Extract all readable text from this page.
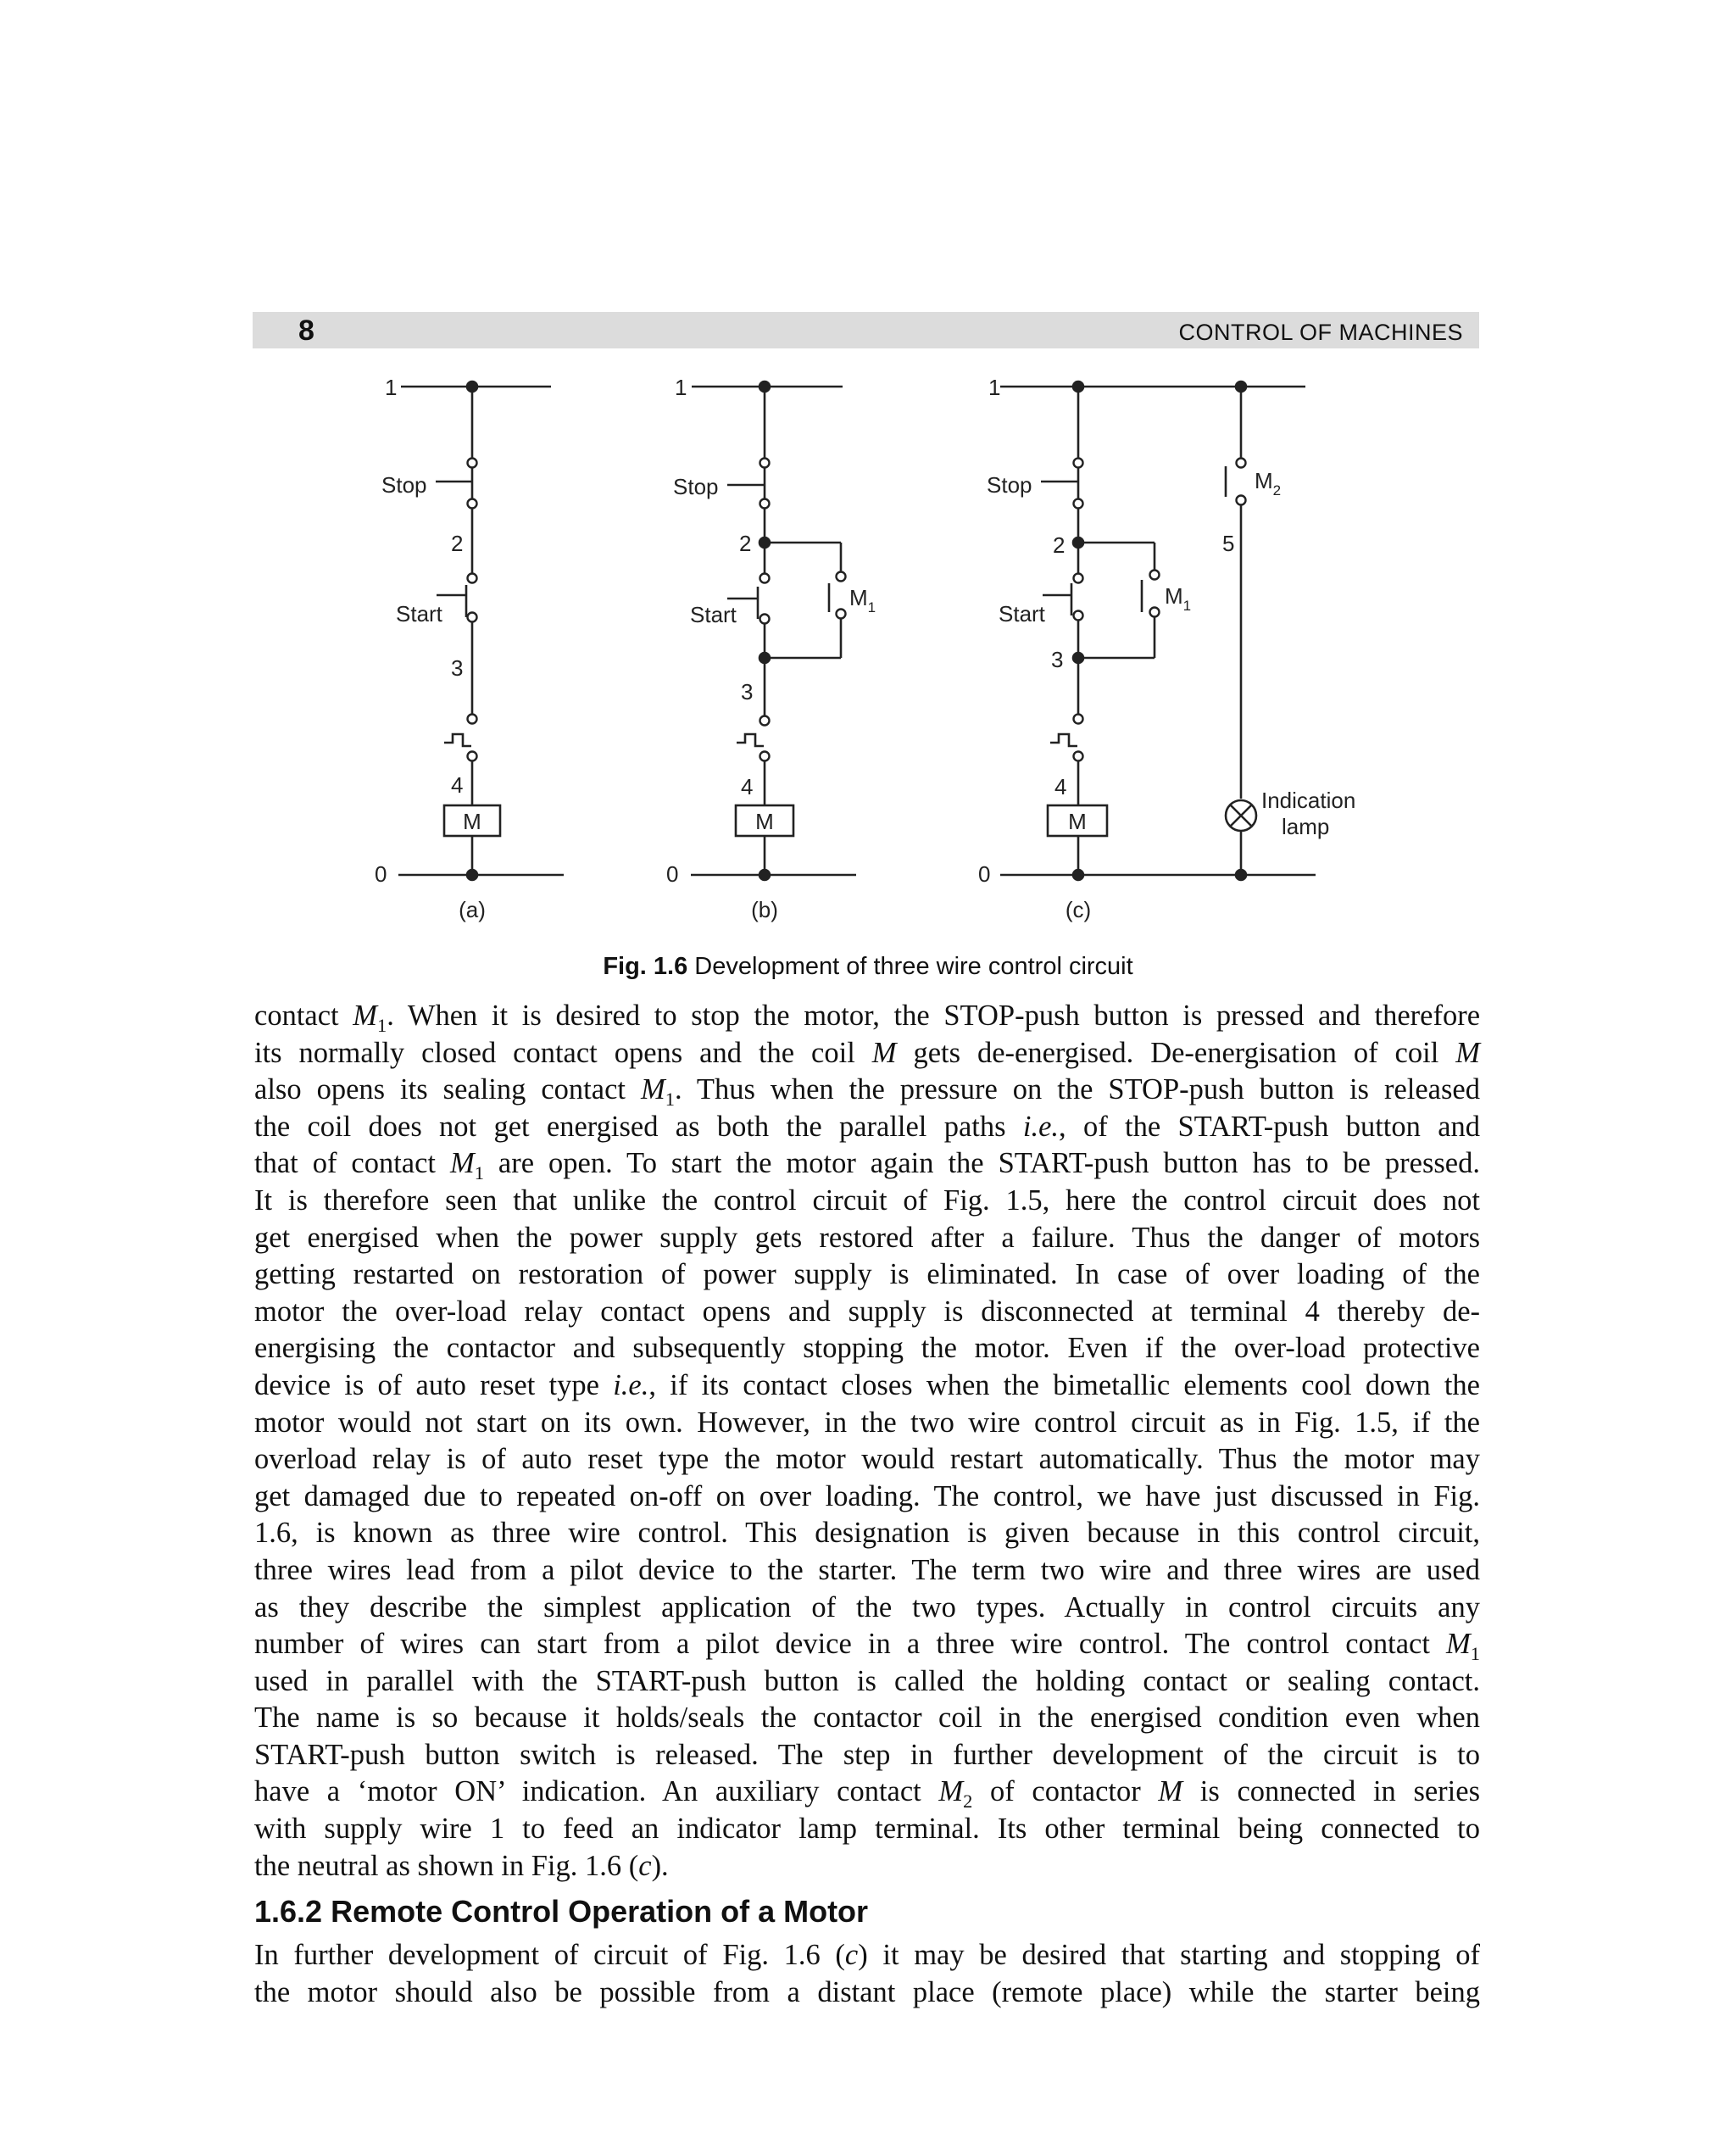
8	CONTROL OF MACHINES
1
Stop
2
Start
3
4
M
0
(a)
1
Stop
2
$M_1$
Start
3
4
M
0
(b)
1
Stop	$M_2$
2	5
$M_1$
Start
3
4
M
Indication
lamp
0
(c)
Fig. 1.6 Development of three wire control circuit
contact $M_1$. When it is desired to stop the motor, the STOP-push button is pressed and therefore
its normally closed contact opens and the coil M gets de-energised. De-energisation of coil M
also opens its sealing contact $M_1$. Thus when the pressure on the STOP-push button is released
the coil does not get energised as both the parallel paths i.e., of the START-push button and
that of contact $M_1$ are open. To start the motor again the START-push button has to be pressed.
It is therefore seen that unlike the control circuit of Fig. 1.5, here the control circuit does not
get energised when the power supply gets restored after a failure. Thus the danger of motors
getting restarted on restoration of power supply is eliminated. In case of over loading of the
motor the over-load relay contact opens and supply is disconnected at terminal 4 thereby de-
energising the contactor and subsequently stopping the motor. Even if the over-load protective
device is of auto reset type i.e., if its contact closes when the bimetallic elements cool down the
motor would not start on its own. However, in the two wire control circuit as in Fig. 1.5, if the
overload relay is of auto reset type the motor would restart automatically. Thus the motor may
get damaged due to repeated on-off on over loading. The control, we have just discussed in Fig.
1.6, is known as three wire control. This designation is given because in this control circuit,
three wires lead from a pilot device to the starter. The term two wire and three wires are used
as they describe the simplest application of the two types. Actually in control circuits any
number of wires can start from a pilot device in a three wire control. The control contact $M_1$
used in parallel with the START-push button is called the holding contact or sealing contact.
The name is so because it holds/seals the contactor coil in the energised condition even when
START-push button switch is released. The step in further development of the circuit is to
have a ‘motor ON’ indication. An auxiliary contact $M_2$ of contactor M is connected in series
with supply wire 1 to feed an indicator lamp terminal. Its other terminal being connected to
the neutral as shown in Fig. 1.6 (c).
1.6.2 Remote Control Operation of a Motor
In further development of circuit of Fig. 1.6 (c) it may be desired that starting and stopping of
the motor should also be possible from a distant place (remote place) while the starter being
